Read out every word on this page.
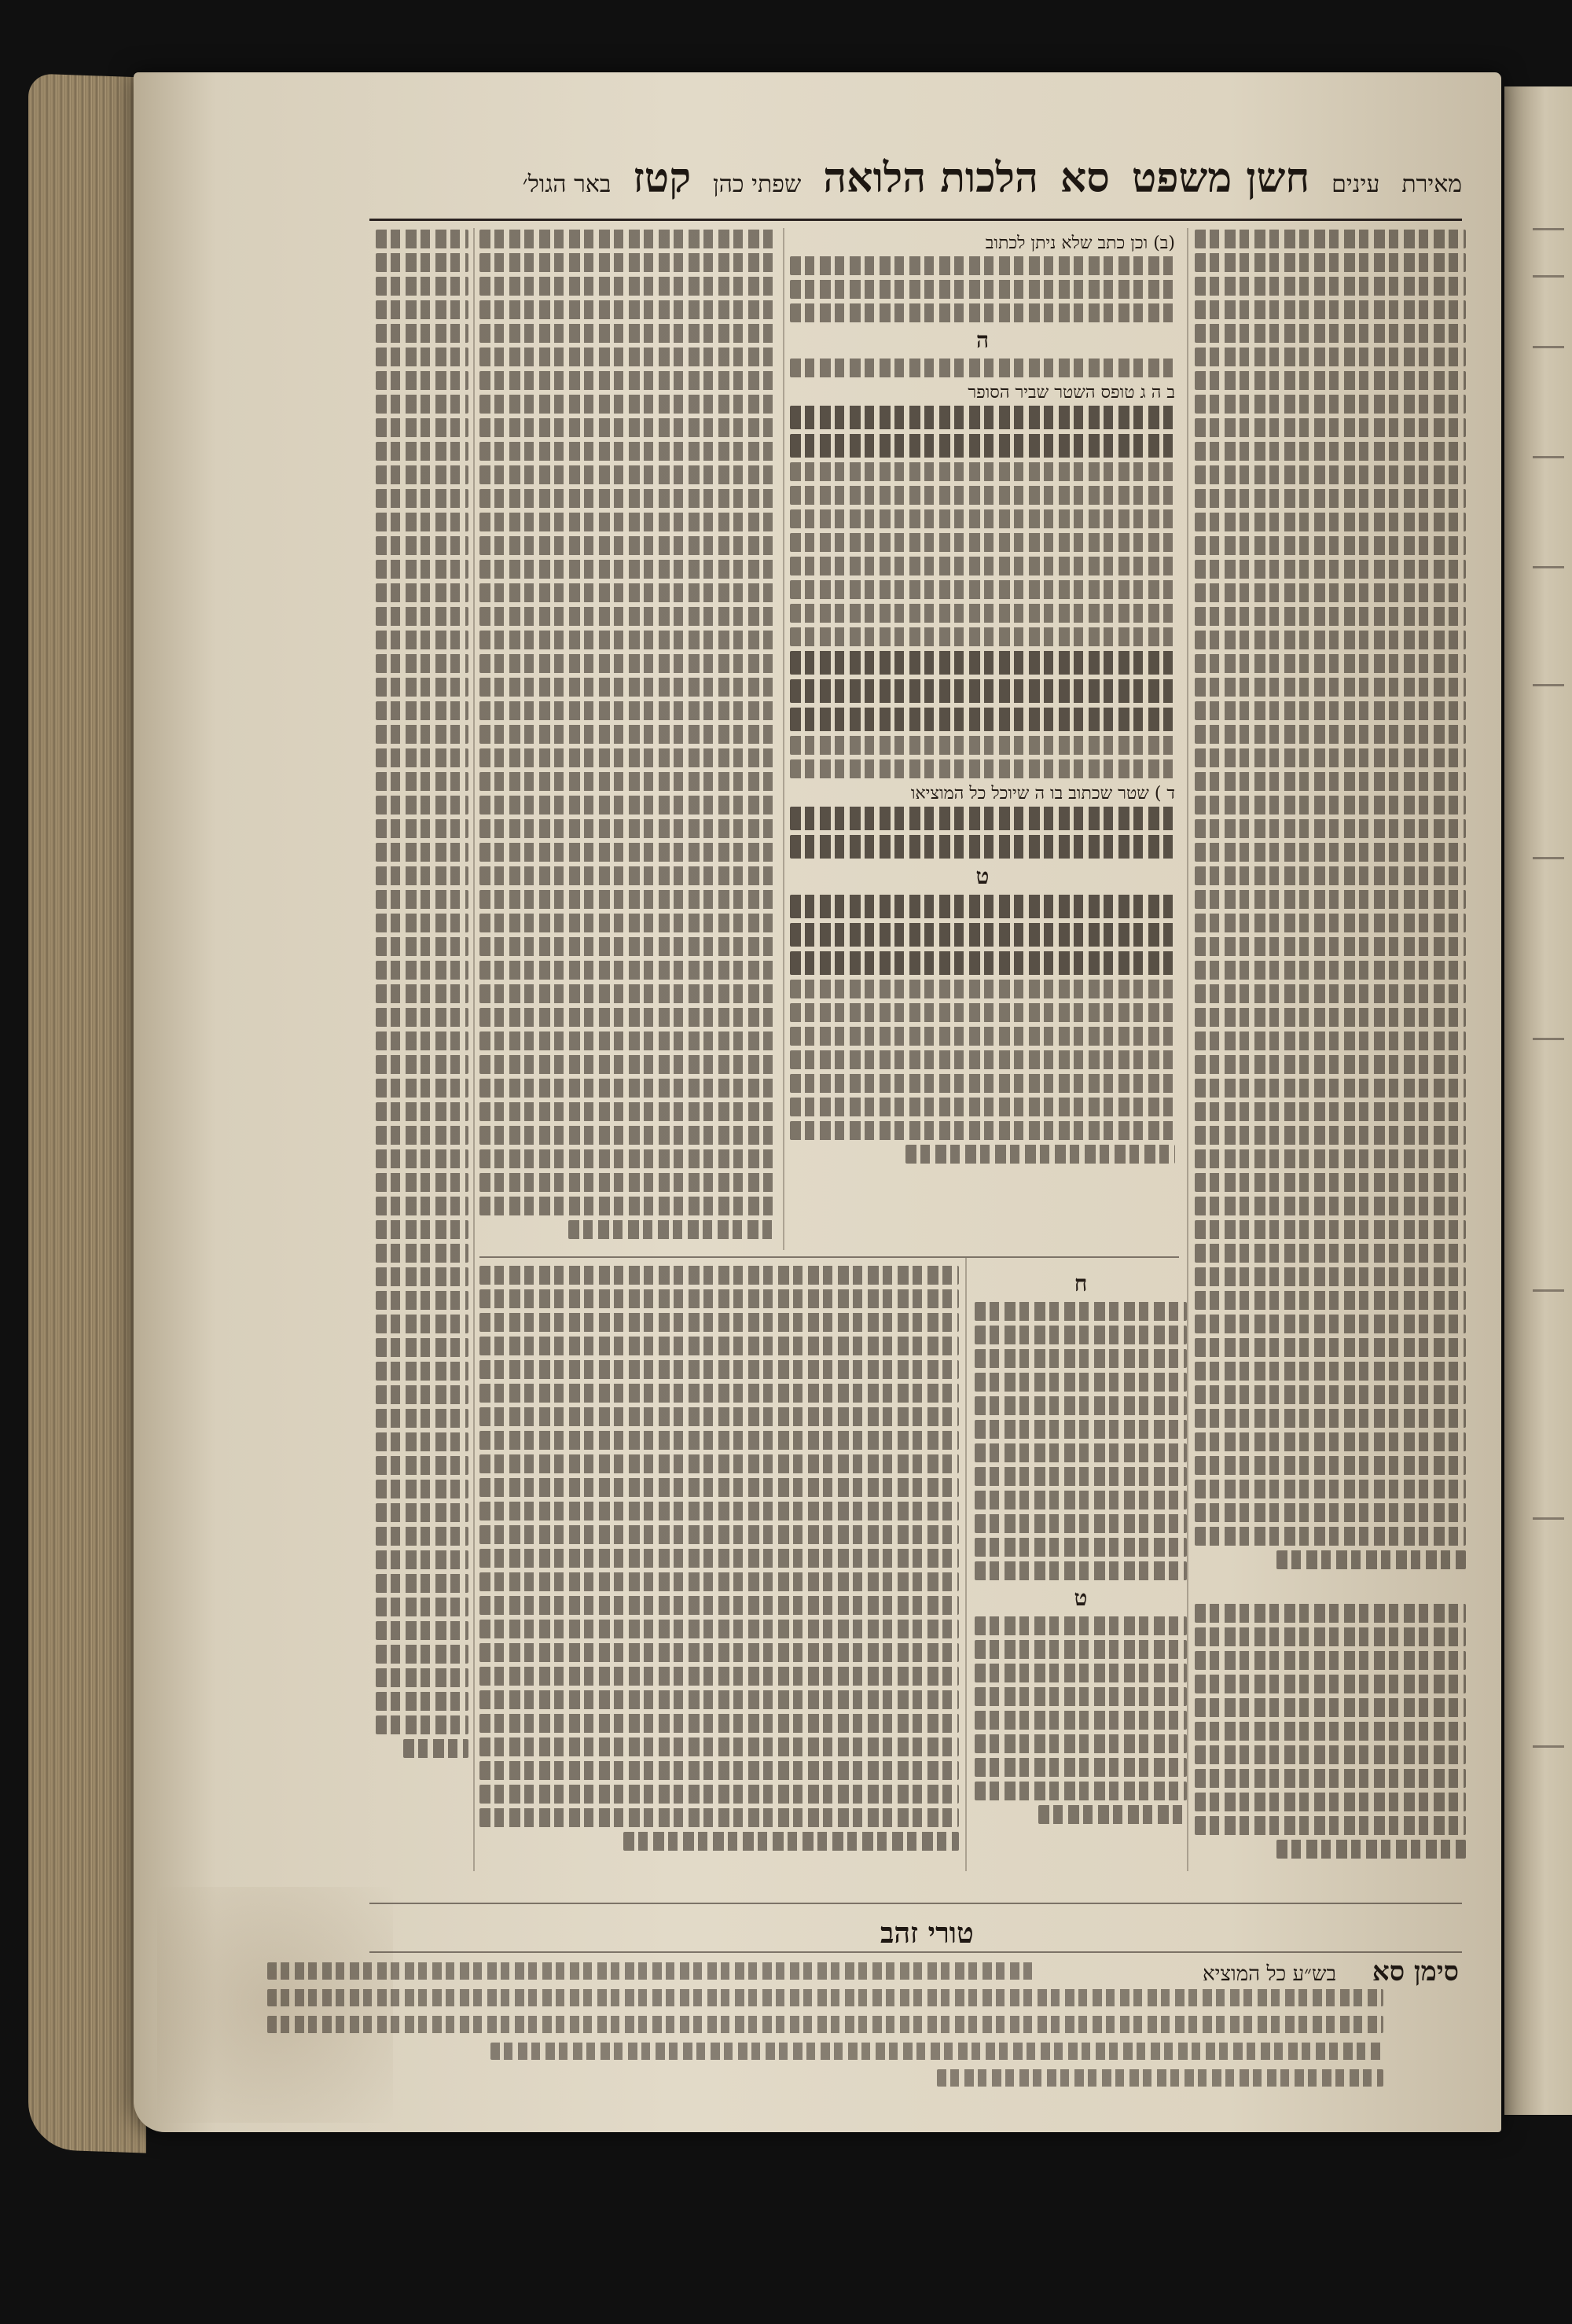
מאירת
עינים
חשן משפט
סא
הלכות הלואה
שפתי כהן
קטז
באר הגול׳
(ב) וכן כתב שלא ניתן לכתוב
ה
ב ה ג טופס השטר שביר הסופר
ד ) שטר שכתוב בו ה שיוכל כל המוציאו
ט
ח
ט
טורי זהב
סימן סא
בש״ע כל המוציא
